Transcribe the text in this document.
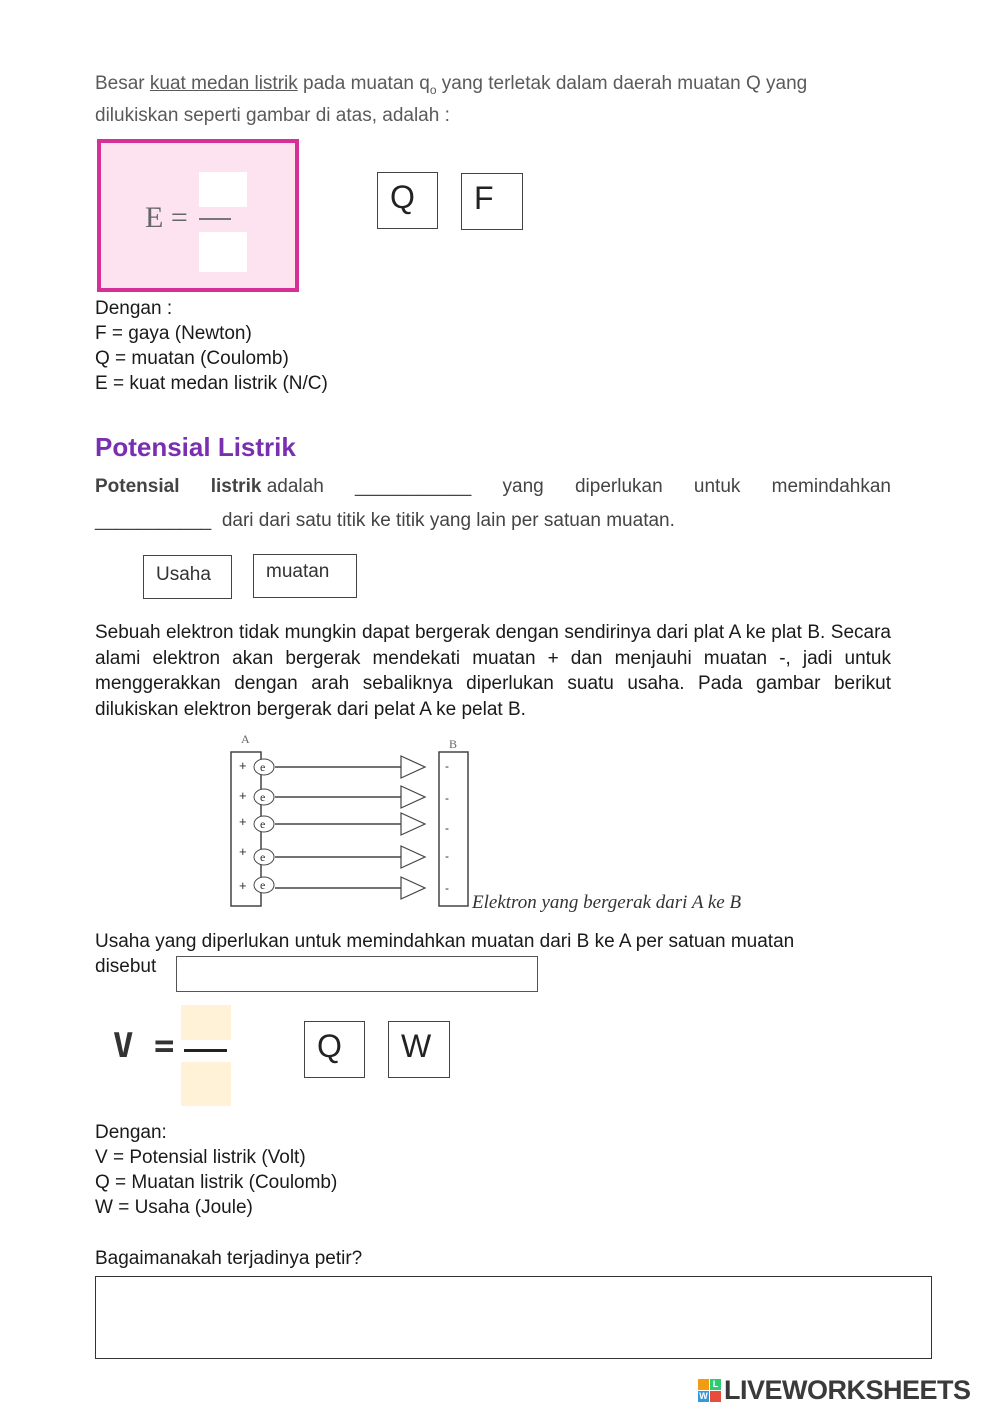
Besar kuat medan listrik pada muatan $q_o$ yang terletak dalam daerah muatan Q yang
dilukiskan seperti gambar di atas, adalah :
E =
Q	F
Dengan :
F = gaya (Newton)
Q = muatan (Coulomb)
E = kuat medan listrik (N/C)
Potensial Listrik
Potensial listrik adalah ___________ yang diperlukan untuk memindahkan
___________ dari dari satu titik ke titik yang lain per satuan muatan.
Usaha	muatan
Sebuah elektron tidak mungkin dapat bergerak dengan sendirinya dari plat A ke plat B. Secara alami elektron akan bergerak mendekati muatan + dan menjauhi muatan -, jadi untuk menggerakkan dengan arah sebaliknya diperlukan suatu usaha. Pada gambar berikut dilukiskan elektron bergerak dari pelat A ke pelat B.
A	B
+ e	-
+ e	-
+ e	-
+ e	-
+ e	-
Elektron yang bergerak dari A ke B
Usaha yang diperlukan untuk memindahkan muatan dari B ke A per satuan muatan
disebut
V =	Q	W
Dengan:
V = Potensial listrik (Volt)
Q = Muatan listrik (Coulomb)
W = Usaha (Joule)
Bagaimanakah terjadinya petir?
L
W LIVEWORKSHEETS
